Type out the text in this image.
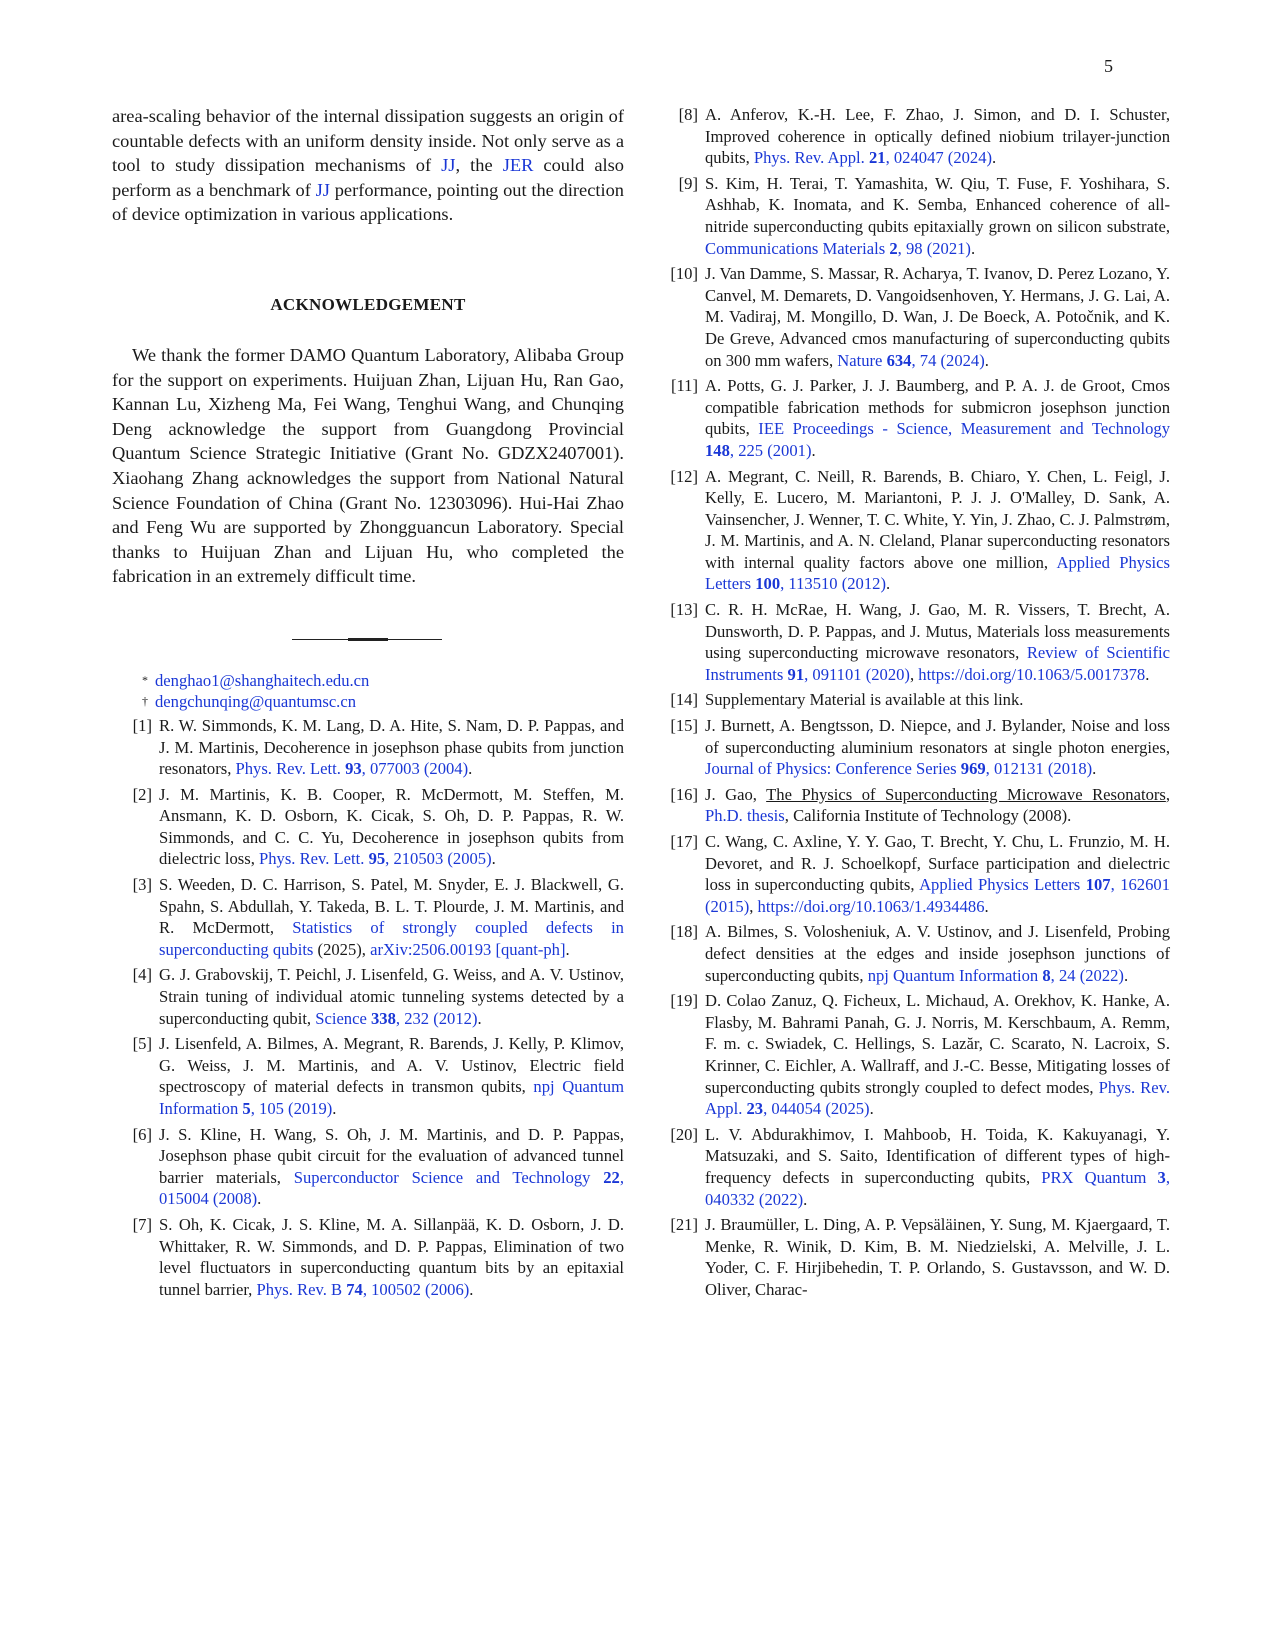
5

area-scaling behavior of the internal dissipation suggests an origin of countable defects with an uniform density inside. Not only serve as a tool to study dissipation mechanisms of JJ, the JER could also perform as a benchmark of JJ performance, pointing out the direction of device optimization in various applications.

ACKNOWLEDGEMENT

We thank the former DAMO Quantum Laboratory, Alibaba Group for the support on experiments. Huijuan Zhan, Lijuan Hu, Ran Gao, Kannan Lu, Xizheng Ma, Fei Wang, Tenghui Wang, and Chunqing Deng acknowledge the support from Guangdong Provincial Quantum Science Strategic Initiative (Grant No. GDZX2407001). Xiaohang Zhang acknowledges the support from National Natural Science Foundation of China (Grant No. 12303096). Hui-Hai Zhao and Feng Wu are supported by Zhongguancun Laboratory. Special thanks to Huijuan Zhan and Lijuan Hu, who completed the fabrication in an extremely difficult time.

* denghao1@shanghaitech.edu.cn
† dengchunqing@quantumsc.cn
[1] R. W. Simmonds, K. M. Lang, D. A. Hite, S. Nam, D. P. Pappas, and J. M. Martinis, Decoherence in josephson phase qubits from junction resonators, Phys. Rev. Lett. 93, 077003 (2004).
[2] J. M. Martinis, K. B. Cooper, R. McDermott, M. Steffen, M. Ansmann, K. D. Osborn, K. Cicak, S. Oh, D. P. Pappas, R. W. Simmonds, and C. C. Yu, Decoherence in josephson qubits from dielectric loss, Phys. Rev. Lett. 95, 210503 (2005).
[3] S. Weeden, D. C. Harrison, S. Patel, M. Snyder, E. J. Blackwell, G. Spahn, S. Abdullah, Y. Takeda, B. L. T. Plourde, J. M. Martinis, and R. McDermott, Statistics of strongly coupled defects in superconducting qubits (2025), arXiv:2506.00193 [quant-ph].
[4] G. J. Grabovskij, T. Peichl, J. Lisenfeld, G. Weiss, and A. V. Ustinov, Strain tuning of individual atomic tunneling systems detected by a superconducting qubit, Science 338, 232 (2012).
[5] J. Lisenfeld, A. Bilmes, A. Megrant, R. Barends, J. Kelly, P. Klimov, G. Weiss, J. M. Martinis, and A. V. Ustinov, Electric field spectroscopy of material defects in transmon qubits, npj Quantum Information 5, 105 (2019).
[6] J. S. Kline, H. Wang, S. Oh, J. M. Martinis, and D. P. Pappas, Josephson phase qubit circuit for the evaluation of advanced tunnel barrier materials, Superconductor Science and Technology 22, 015004 (2008).
[7] S. Oh, K. Cicak, J. S. Kline, M. A. Sillanpää, K. D. Osborn, J. D. Whittaker, R. W. Simmonds, and D. P. Pappas, Elimination of two level fluctuators in superconducting quantum bits by an epitaxial tunnel barrier, Phys. Rev. B 74, 100502 (2006).
[8] A. Anferov, K.-H. Lee, F. Zhao, J. Simon, and D. I. Schuster, Improved coherence in optically defined niobium trilayer-junction qubits, Phys. Rev. Appl. 21, 024047 (2024).
[9] S. Kim, H. Terai, T. Yamashita, W. Qiu, T. Fuse, F. Yoshihara, S. Ashhab, K. Inomata, and K. Semba, Enhanced coherence of all-nitride superconducting qubits epitaxially grown on silicon substrate, Communications Materials 2, 98 (2021).
[10] J. Van Damme, S. Massar, R. Acharya, T. Ivanov, D. Perez Lozano, Y. Canvel, M. Demarets, D. Vangoidsenhoven, Y. Hermans, J. G. Lai, A. M. Vadiraj, M. Mongillo, D. Wan, J. De Boeck, A. Potočnik, and K. De Greve, Advanced cmos manufacturing of superconducting qubits on 300 mm wafers, Nature 634, 74 (2024).
[11] A. Potts, G. J. Parker, J. J. Baumberg, and P. A. J. de Groot, Cmos compatible fabrication methods for submicron josephson junction qubits, IEE Proceedings - Science, Measurement and Technology 148, 225 (2001).
[12] A. Megrant, C. Neill, R. Barends, B. Chiaro, Y. Chen, L. Feigl, J. Kelly, E. Lucero, M. Mariantoni, P. J. J. O'Malley, D. Sank, A. Vainsencher, J. Wenner, T. C. White, Y. Yin, J. Zhao, C. J. Palmstrøm, J. M. Martinis, and A. N. Cleland, Planar superconducting resonators with internal quality factors above one million, Applied Physics Letters 100, 113510 (2012).
[13] C. R. H. McRae, H. Wang, J. Gao, M. R. Vissers, T. Brecht, A. Dunsworth, D. P. Pappas, and J. Mutus, Materials loss measurements using superconducting microwave resonators, Review of Scientific Instruments 91, 091101 (2020), https://doi.org/10.1063/5.0017378.
[14] Supplementary Material is available at this link.
[15] J. Burnett, A. Bengtsson, D. Niepce, and J. Bylander, Noise and loss of superconducting aluminium resonators at single photon energies, Journal of Physics: Conference Series 969, 012131 (2018).
[16] J. Gao, The Physics of Superconducting Microwave Resonators, Ph.D. thesis, California Institute of Technology (2008).
[17] C. Wang, C. Axline, Y. Y. Gao, T. Brecht, Y. Chu, L. Frunzio, M. H. Devoret, and R. J. Schoelkopf, Surface participation and dielectric loss in superconducting qubits, Applied Physics Letters 107, 162601 (2015), https://doi.org/10.1063/1.4934486.
[18] A. Bilmes, S. Volosheniuk, A. V. Ustinov, and J. Lisenfeld, Probing defect densities at the edges and inside josephson junctions of superconducting qubits, npj Quantum Information 8, 24 (2022).
[19] D. Colao Zanuz, Q. Ficheux, L. Michaud, A. Orekhov, K. Hanke, A. Flasby, M. Bahrami Panah, G. J. Norris, M. Kerschbaum, A. Remm, F. m. c. Swiadek, C. Hellings, S. Lazăr, C. Scarato, N. Lacroix, S. Krinner, C. Eichler, A. Wallraff, and J.-C. Besse, Mitigating losses of superconducting qubits strongly coupled to defect modes, Phys. Rev. Appl. 23, 044054 (2025).
[20] L. V. Abdurakhimov, I. Mahboob, H. Toida, K. Kakuyanagi, Y. Matsuzaki, and S. Saito, Identification of different types of high-frequency defects in superconducting qubits, PRX Quantum 3, 040332 (2022).
[21] J. Braumüller, L. Ding, A. P. Vepsäläinen, Y. Sung, M. Kjaergaard, T. Menke, R. Winik, D. Kim, B. M. Niedzielski, A. Melville, J. L. Yoder, C. F. Hirjibehedin, T. P. Orlando, S. Gustavsson, and W. D. Oliver, Charac-
